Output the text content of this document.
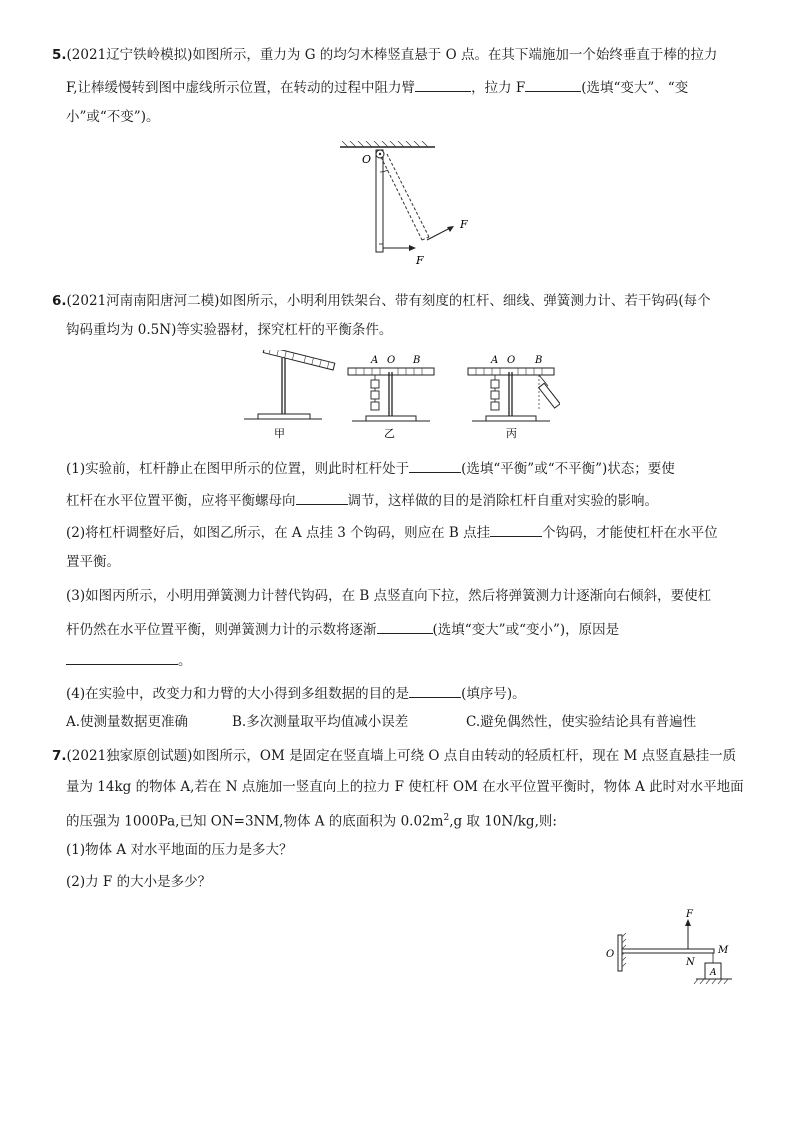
5.(2021辽宁铁岭模拟)如图所示，重力为 G 的均匀木棒竖直悬于 O 点。在其下端施加一个始终垂直于棒的拉力
F,让棒缓慢转到图中虚线所示位置，在转动的过程中阻力臂	，拉力 F	(选填“变大”、“变
小”或“不变”)。
O
F
F
6.(2021河南南阳唐河二模)如图所示，小明利用铁架台、带有刻度的杠杆、细线、弹簧测力计、若干钩码(每个
钩码重均为 0.5N)等实验器材，探究杠杆的平衡条件。
甲
A O B
乙
A O B
丙
(1)实验前，杠杆静止在图甲所示的位置，则此时杠杆处于	(选填“平衡”或“不平衡”)状态；要使
杠杆在水平位置平衡，应将平衡螺母向	调节，这样做的目的是消除杠杆自重对实验的影响。
(2)将杠杆调整好后，如图乙所示，在 A 点挂 3 个钩码，则应在 B 点挂	个钩码，才能使杠杆在水平位
置平衡。
(3)如图丙所示，小明用弹簧测力计替代钩码，在 B 点竖直向下拉，然后将弹簧测力计逐渐向右倾斜，要使杠
杆仍然在水平位置平衡，则弹簧测力计的示数将逐渐	(选填“变大”或“变小”)，原因是
。
(4)在实验中，改变力和力臂的大小得到多组数据的目的是	(填序号)。
A.使测量数据更准确	B.多次测量取平均值减小误差	C.避免偶然性，使实验结论具有普遍性
7.(2021独家原创试题)如图所示，OM 是固定在竖直墙上可绕 O 点自由转动的轻质杠杆，现在 M 点竖直悬挂一质
量为 14kg 的物体 A,若在 N 点施加一竖直向上的拉力 F 使杠杆 OM 在水平位置平衡时，物体 A 此时对水平地面
的压强为 1000Pa,已知 ON=3NM,物体 A 的底面积为 $0.02m^2,g$ 取 10N/kg,则:
(1)物体 A 对水平地面的压力是多大？
(2)力 F 的大小是多少？
O
F
N
M
A
